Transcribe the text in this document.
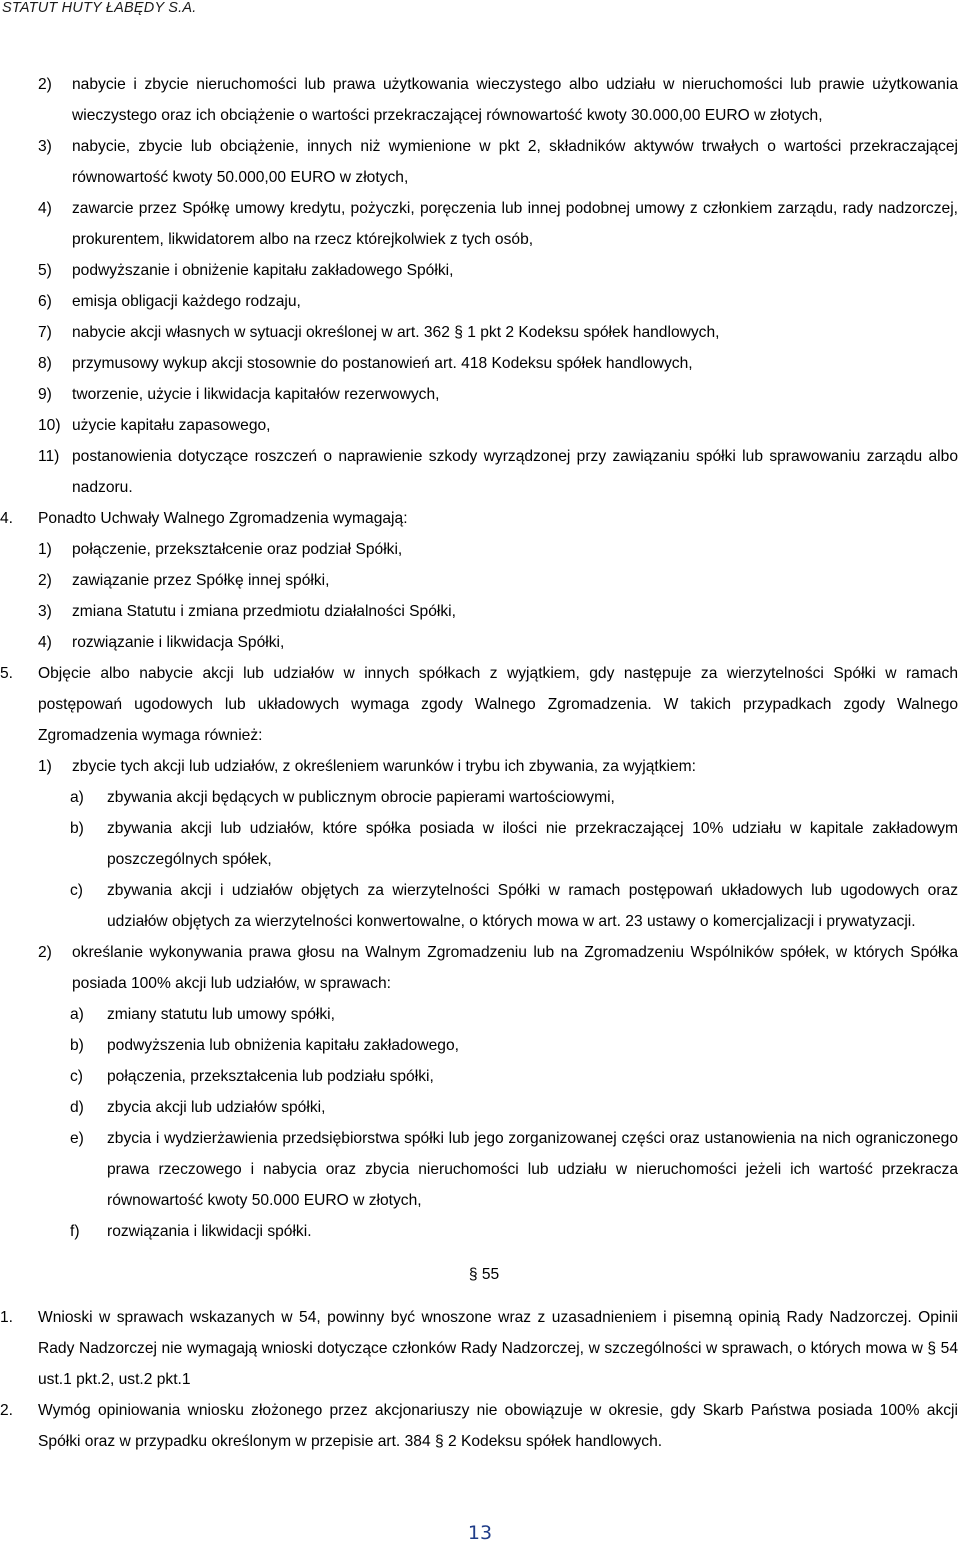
STATUT HUTY ŁABĘDY S.A.
2) nabycie i zbycie nieruchomości lub prawa użytkowania wieczystego albo udziału w nieruchomości lub prawie użytkowania wieczystego oraz ich obciążenie o wartości przekraczającej równowartość kwoty 30.000,00 EURO w złotych,
3) nabycie, zbycie lub obciążenie, innych niż wymienione w pkt 2, składników aktywów trwałych o wartości przekraczającej równowartość kwoty 50.000,00 EURO w złotych,
4) zawarcie przez Spółkę umowy kredytu, pożyczki, poręczenia lub innej podobnej umowy z członkiem zarządu, rady nadzorczej, prokurentem, likwidatorem albo na rzecz którejkolwiek z tych osób,
5) podwyższanie i obniżenie kapitału zakładowego Spółki,
6) emisja obligacji każdego rodzaju,
7) nabycie akcji własnych w sytuacji określonej w art. 362 § 1 pkt 2 Kodeksu spółek handlowych,
8) przymusowy wykup akcji stosownie do postanowień art. 418 Kodeksu spółek handlowych,
9) tworzenie, użycie i likwidacja kapitałów rezerwowych,
10) użycie kapitału zapasowego,
11) postanowienia dotyczące roszczeń o naprawienie szkody wyrządzonej przy zawiązaniu spółki lub sprawowaniu zarządu albo nadzoru.
4. Ponadto Uchwały Walnego Zgromadzenia wymagają:
1) połączenie, przekształcenie oraz podział Spółki,
2) zawiązanie przez Spółkę innej spółki,
3) zmiana Statutu i zmiana przedmiotu działalności Spółki,
4) rozwiązanie i likwidacja Spółki,
5. Objęcie albo nabycie akcji lub udziałów w innych spółkach z wyjątkiem, gdy następuje za wierzytelności Spółki w ramach postępowań ugodowych lub układowych wymaga zgody Walnego Zgromadzenia. W takich przypadkach zgody Walnego Zgromadzenia wymaga również:
1) zbycie tych akcji lub udziałów, z określeniem warunków i trybu ich zbywania, za wyjątkiem:
a) zbywania akcji będących w publicznym obrocie papierami wartościowymi,
b) zbywania akcji lub udziałów, które spółka posiada w ilości nie przekraczającej 10% udziału w kapitale zakładowym poszczególnych spółek,
c) zbywania akcji i udziałów objętych za wierzytelności Spółki w ramach postępowań układowych lub ugodowych oraz udziałów objętych za wierzytelności konwertowalne, o których mowa w art. 23 ustawy o komercjalizacji i prywatyzacji.
2) określanie wykonywania prawa głosu na Walnym Zgromadzeniu lub na Zgromadzeniu Wspólników spółek, w których Spółka posiada 100% akcji lub udziałów, w sprawach:
a) zmiany statutu lub umowy spółki,
b) podwyższenia lub obniżenia kapitału zakładowego,
c) połączenia, przekształcenia lub podziału spółki,
d) zbycia akcji lub udziałów spółki,
e) zbycia i wydzierżawienia przedsiębiorstwa spółki lub jego zorganizowanej części oraz ustanowienia na nich ograniczonego prawa rzeczowego i nabycia oraz zbycia nieruchomości lub udziału w nieruchomości jeżeli ich wartość przekracza równowartość kwoty 50.000 EURO w złotych,
f) rozwiązania i likwidacji spółki.
§ 55
1. Wnioski w sprawach wskazanych w 54, powinny być wnoszone wraz z uzasadnieniem i pisemną opinią Rady Nadzorczej. Opinii Rady Nadzorczej nie wymagają wnioski dotyczące członków Rady Nadzorczej, w szczególności w sprawach, o których mowa w § 54 ust.1 pkt.2, ust.2 pkt.1
2. Wymóg opiniowania wniosku złożonego przez akcjonariuszy nie obowiązuje w okresie, gdy Skarb Państwa posiada 100% akcji Spółki oraz w przypadku określonym w przepisie art. 384 § 2 Kodeksu spółek handlowych.
13
